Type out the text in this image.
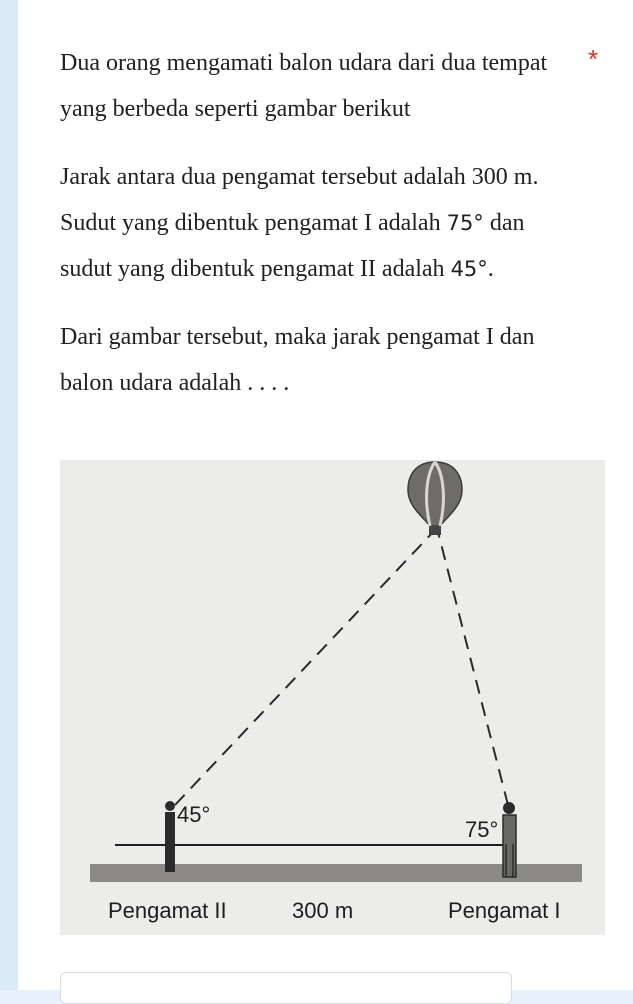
*

Dua orang mengamati balon udara dari dua tempat yang berbeda seperti gambar berikut

Jarak antara dua pengamat tersebut adalah 300 m. Sudut yang dibentuk pengamat I adalah 75° dan sudut yang dibentuk pengamat II adalah 45°.

Dari gambar tersebut, maka jarak pengamat I dan balon udara adalah . . . .

45°
75°
Pengamat II	300 m	Pengamat I
